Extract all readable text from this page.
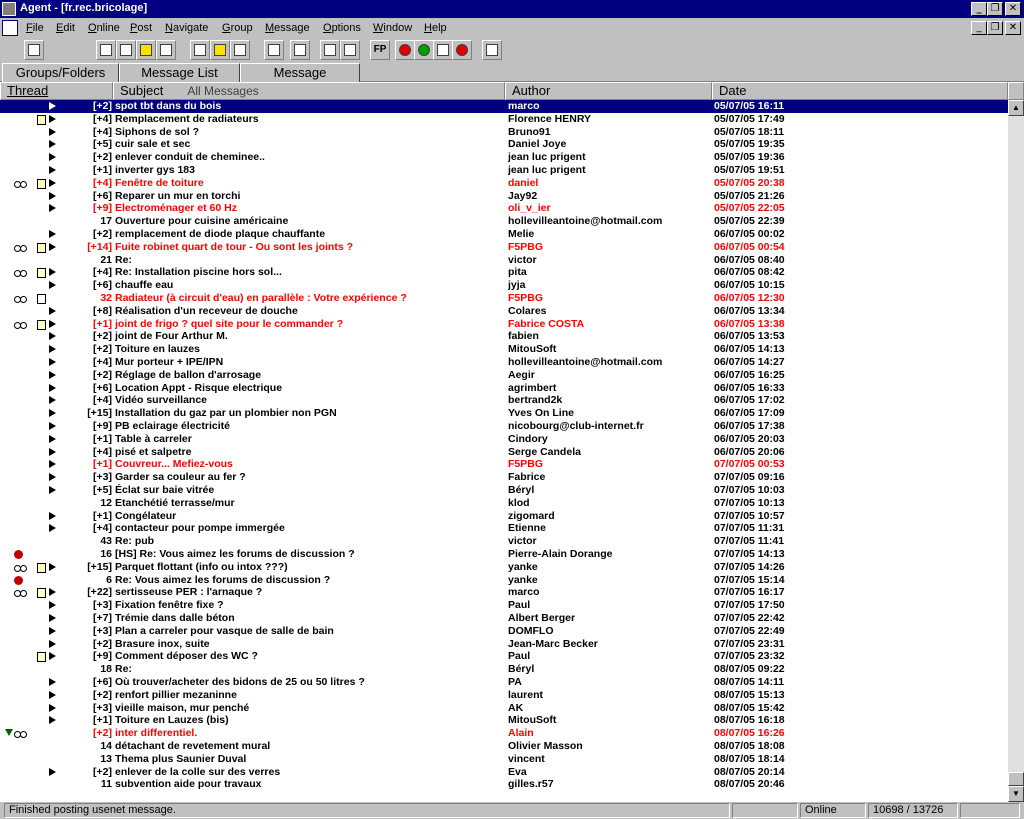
Agent - [fr.rec.bricolage]	_ ❐ ✕
File Edit Online Post Navigate Group Message Options Window Help	_ ❐ ✕
FP
Groups/Folders	Message List	Message
Thread	Subject All Messages	Author	Date
[+2] spot tbt dans du bois	marco	05/07/05 16:11
[+4] Remplacement de radiateurs	Florence HENRY	05/07/05 17:49
[+4] Siphons de sol ?	Bruno91	05/07/05 18:11
[+5] cuir sale et sec	Daniel Joye	05/07/05 19:35
[+2] enlever conduit de cheminee..	jean luc prigent	05/07/05 19:36
[+1] inverter gys 183	jean luc prigent	05/07/05 19:51
[+4] Fenêtre de toiture	daniel	05/07/05 20:38
[+6] Reparer un mur en torchi	Jay92	05/07/05 21:26
[+9] Electroménager et 60 Hz	oli_v_ier	05/07/05 22:05
17 Ouverture pour cuisine américaine	hollevilleantoine@hotmail.com	05/07/05 22:39
[+2] remplacement de diode plaque chauffante	Melie	06/07/05 00:02
[+14] Fuite robinet quart de tour - Ou sont les joints ?	F5PBG	06/07/05 00:54
21 Re:	victor	06/07/05 08:40
[+4] Re: Installation piscine hors sol...	pita	06/07/05 08:42
[+6] chauffe eau	jyja	06/07/05 10:15
32 Radiateur (à circuit d'eau) en parallèle : Votre expérience ?	F5PBG	06/07/05 12:30
[+8] Réalisation d'un receveur de douche	Colares	06/07/05 13:34
[+1] joint de frigo ? quel site pour le commander ?	Fabrice COSTA	06/07/05 13:38
[+2] joint de Four Arthur M.	fabien	06/07/05 13:53
[+2] Toiture en lauzes	MitouSoft	06/07/05 14:13
[+4] Mur porteur + IPE/IPN	hollevilleantoine@hotmail.com	06/07/05 14:27
[+2] Réglage de ballon d'arrosage	Aegir	06/07/05 16:25
[+6] Location Appt - Risque electrique	agrimbert	06/07/05 16:33
[+4] Vidéo surveillance	bertrand2k	06/07/05 17:02
[+15] Installation du gaz par un plombier non PGN	Yves On Line	06/07/05 17:09
[+9] PB eclairage électricité	nicobourg@club-internet.fr	06/07/05 17:38
[+1] Table à carreler	Cindory	06/07/05 20:03
[+4] pisé et salpetre	Serge Candela	06/07/05 20:06
[+1] Couvreur... Mefiez-vous	F5PBG	07/07/05 00:53
[+3] Garder sa couleur au fer ?	Fabrice	07/07/05 09:16
[+5] Éclat sur baie vitrée	Béryl	07/07/05 10:03
12 Etanchétié terrasse/mur	klod	07/07/05 10:13
[+1] Congélateur	zigomard	07/07/05 10:57
[+4] contacteur pour pompe immergée	Etienne	07/07/05 11:31
43 Re: pub	victor	07/07/05 11:41
16 [HS] Re: Vous aimez les forums de discussion ?	Pierre-Alain Dorange	07/07/05 14:13
[+15] Parquet flottant (info ou intox ???)	yanke	07/07/05 14:26
6 Re: Vous aimez les forums de discussion ?	yanke	07/07/05 15:14
[+22] sertisseuse PER : l'arnaque ?	marco	07/07/05 16:17
[+3] Fixation fenêtre fixe ?	Paul	07/07/05 17:50
[+7] Trémie dans dalle béton	Albert Berger	07/07/05 22:42
[+3] Plan a carreler pour vasque de salle de bain	DOMFLO	07/07/05 22:49
[+2] Brasure inox, suite	Jean-Marc Becker	07/07/05 23:31
[+9] Comment déposer des WC ?	Paul	07/07/05 23:32
18 Re:	Béryl	08/07/05 09:22
[+6] Où trouver/acheter des bidons de 25 ou 50 litres ?	PA	08/07/05 14:11
[+2] renfort pillier mezaninne	laurent	08/07/05 15:13
[+3] vieille maison, mur penché	AK	08/07/05 15:42
[+1] Toiture en Lauzes (bis)	MitouSoft	08/07/05 16:18
[+2] inter differentiel.	Alain	08/07/05 16:26
14 détachant de revetement mural	Olivier Masson	08/07/05 18:08
13 Thema plus Saunier Duval	vincent	08/07/05 18:14
[+2] enlever de la colle sur des verres	Eva	08/07/05 20:14
11 subvention aide pour travaux	gilles.r57	08/07/05 20:46
▲
▼
Finished posting usenet message.	Online	10698 / 13726
